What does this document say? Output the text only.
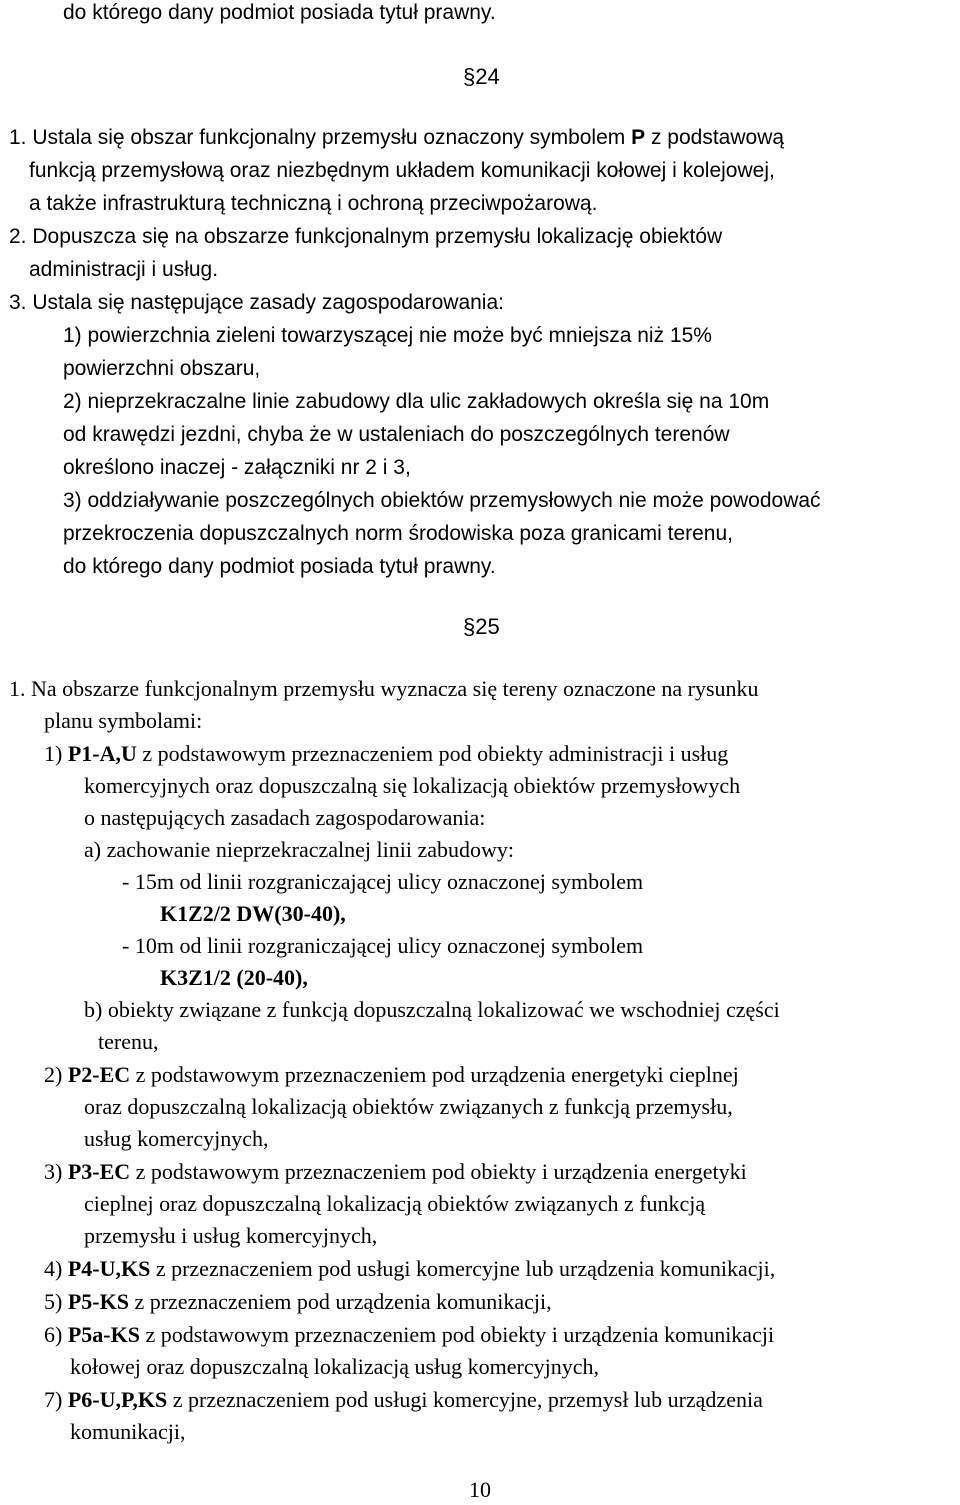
do którego dany podmiot posiada tytuł prawny.
§24
1. Ustala się obszar funkcjonalny przemysłu oznaczony symbolem P z podstawową
funkcją przemysłową oraz niezbędnym układem komunikacji kołowej i kolejowej,
a także infrastrukturą techniczną i ochroną przeciwpożarową.
2. Dopuszcza się na obszarze funkcjonalnym przemysłu lokalizację obiektów
administracji i usług.
3. Ustala się następujące zasady zagospodarowania:
1) powierzchnia zieleni towarzyszącej nie może być mniejsza niż 15%
powierzchni obszaru,
2) nieprzekraczalne linie zabudowy dla ulic zakładowych określa się na 10m
od krawędzi jezdni, chyba że w ustaleniach do poszczególnych terenów
określono inaczej - załączniki nr 2 i 3,
3) oddziaływanie poszczególnych obiektów przemysłowych nie może powodować
przekroczenia dopuszczalnych norm środowiska poza granicami terenu,
do którego dany podmiot posiada tytuł prawny.
§25
1. Na obszarze funkcjonalnym przemysłu wyznacza się tereny oznaczone na rysunku
planu symbolami:
1) P1-A,U z podstawowym przeznaczeniem pod obiekty administracji i usług
komercyjnych oraz dopuszczalną się lokalizacją obiektów przemysłowych
o następujących zasadach zagospodarowania:
a) zachowanie nieprzekraczalnej linii zabudowy:
- 15m od linii rozgraniczającej ulicy oznaczonej symbolem
K1Z2/2 DW(30-40),
- 10m od linii rozgraniczającej ulicy oznaczonej symbolem
K3Z1/2 (20-40),
b) obiekty związane z funkcją dopuszczalną lokalizować we wschodniej części
terenu,
2) P2-EC z podstawowym przeznaczeniem pod urządzenia energetyki cieplnej
oraz dopuszczalną lokalizacją obiektów związanych z funkcją przemysłu,
usług komercyjnych,
3) P3-EC z podstawowym przeznaczeniem pod obiekty i urządzenia energetyki
cieplnej oraz dopuszczalną lokalizacją obiektów związanych z funkcją
przemysłu i usług komercyjnych,
4) P4-U,KS z przeznaczeniem pod usługi komercyjne lub urządzenia komunikacji,
5) P5-KS z przeznaczeniem pod urządzenia komunikacji,
6) P5a-KS z podstawowym przeznaczeniem pod obiekty i urządzenia komunikacji
kołowej oraz dopuszczalną lokalizacją usług komercyjnych,
7) P6-U,P,KS z przeznaczeniem pod usługi komercyjne, przemysł lub urządzenia
komunikacji,
10
